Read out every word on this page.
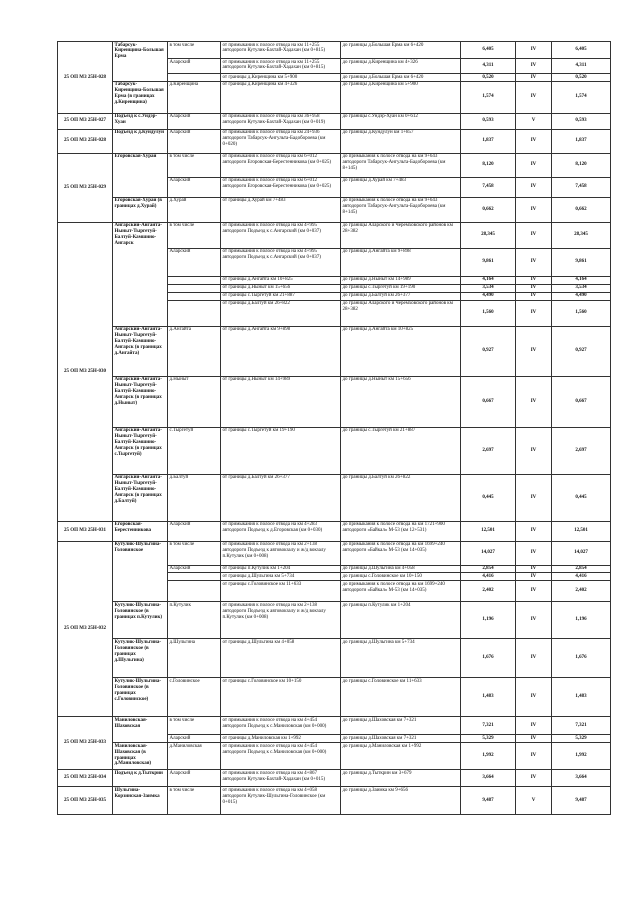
25 ОП МЗ 25Н-028	Табарсук-Киренщина-Большая Ерма	в том числе	от примыкания к полосе отвода на км 11+255 автодороги Кутулик-Бахтай-Хадахан (км 0+815)	до границы д.Большая Ерма км 6+420	6,405	IV	6,405
		Аларский	от примыкания к полосе отвода на км 11+255 автодороги Кутулик-Бахтай-Хадахан (км 0+815)	до границы д.Киренщина км 4+326	4,311	IV	4,311
			от границы д.Киренщина км 5+900	до границы д.Большая Ерма км 6+420	0,520	IV	0,520
	Табарсук-Киренщина-Большая Ерма (в границах д.Киренщина)	д.Киренщина	от границы д.Киренщина км 4+326	до границы д.Киренщина км 5+900	1,574	IV	1,574
25 ОП МЗ 25Н-027	Подъезд к с.Ундэр-Хуан	Аларский	от примыкания к полосе отвода на км 36+958 автодороги Кутулик-Бахтай-Хадахан (км 0+019)	до границы с.Ундэр-Хуан км 0+612	0,593	V	0,593
25 ОП МЗ 25Н-028	Подъезд к д.Кундулун	Аларский	от примыкания к полосе отвода на км 24+936 автодороги Табарсук-Ангульта-Бадобороева (км 0+020)	до границы д.Кундулун км 1+857	1,837	IV	1,837
25 ОП МЗ 25Н-029	Егоровская-Хурай	в том числе	от примыкания к полосе отвода на км 6+012 автодороги Егоровская-Берестенникова (км 0+025)	до примыкания к полосе отвода на км 9+643 автодороги Табарсук-Ангульта-Бадобороева (км 8+145)	8,120	IV	8,120
		Аларский	от примыкания к полосе отвода на км 6+012 автодороги Егоровская-Берестенникова (км 0+025)	до границы д.Хурай км 7+483	7,458	IV	7,458
	Егоровская-Хурай (в границах д.Хурай)	д.Хурай	от границы д.Хурай км 7+483	до примыкания к полосе отвода на км 9+643 автодороги Табарсук-Ангульта-Бадобороева (км 8+145)	0,662	IV	0,662
25 ОП МЗ 25Н-030	Ангарский-Ангайта-Ныныт-Тыргетуй-Балтуй-Камшино-Ангарск	в том числе	от примыкания к полосе отвода на км 4+995 автодороги Подъезд к с.Ангарский (км 0+037)	до границы Аларского и Черемховского районов км 28+382	28,345	IV	28,345
		Аларский	от примыкания к полосе отвода на км 4+995 автодороги Подъезд к с.Ангарский (км 0+037)	до границы д.Ангайта км 9+898	9,861	IV	9,861
			от границы д.Ангайта км 10+825	до границы д.Ныныт км 14+989	4,164	IV	4,164
			от границы д.Ныныт км 15+656	до границы с.Тыргетуй км 19+190	3,534	IV	3,534
			от границы с.Тыргетуй км 21+887	до границы д.Балтуй км 26+377	4,490	IV	4,490
			от границы д.Балтуй км 26+822	до границы Аларского и Черемховского районов км 28+382	1,560	IV	1,560
	Ангарский-Ангайта-Ныныт-Тыргетуй-Балтуй-Камшино-Ангарск (в границах д.Ангайта)	д.Ангайта	от границы д.Ангайта км 9+898	до границы д.Ангайта км 10+825	0,927	IV	0,927
	Ангарский-Ангайта-Ныныт-Тыргетуй-Балтуй-Камшино-Ангарск (в границах д.Ныныт)	д.Ныныт	от границы д.Ныныт км 14+989	до границы д.Ныныт км 15+656	0,667	IV	0,667
	Ангарский-Ангайта-Ныныт-Тыргетуй-Балтуй-Камшино-Ангарск (в границах с.Тыргетуй)	с.Тыргетуй	от границы с.Тыргетуй км 19+190	до границы с.Тыргетуй км 21+887	2,697	IV	2,697
	Ангарский-Ангайта-Ныныт-Тыргетуй-Балтуй-Камшино-Ангарск (в границах д.Балтуй)	д.Балтуй	от границы д.Балтуй км 26+377	до границы д.Балтуй км 26+822	0,445	IV	0,445
25 ОП МЗ 25Н-031	Егоровская-Берестенникова	Аларский	от примыкания к полосе отвода на км 4+283 автодороги Подъезд к д.Егоровская (км 0+030)	до примыкания к полосе отвода на км 1721+900 автодороги «Байкал» М-53 (км 12+531)	12,501	IV	12,501
25 ОП МЗ 25Н-032	Кутулик-Шульгина-Головинское	в том числе	от примыкания к полосе отвода на км 2+138 автодороги Подъезд к автовокзалу и ж/д вокзалу п.Кутулик (км 0+008)	до примыкания к полосе отвода на км 1699+240 автодороги «Байкал» М-53 (км 14+035)	14,027	IV	14,027
		Аларский	от границы п.Кутулик км 1+204	до границы д.Шульгина км 4+058	2,854	IV	2,854
			от границы д.Шульгина км 5+734	до границы с.Головинское км 10+150	4,416	IV	4,416
			от границы с.Головинское км 11+633	до примыкания к полосе отвода на км 1699+240 автодороги «Байкал» М-53 (км 14+035)	2,402	IV	2,402
	Кутулик-Шульгина-Головинское (в границах п.Кутулик)	п.Кутулик	от примыкания к полосе отвода на км 2+138 автодороги Подъезд к автовокзалу и ж/д вокзалу п.Кутулик (км 0+008)	до границы п.Кутулик км 1+204	1,196	IV	1,196
	Кутулик-Шульгина-Головинское (в границах д.Шульгина)	д.Шульгина	от границы д.Шульгина км 4+058	до границы д.Шульгина км 5+734	1,676	IV	1,676
	Кутулик-Шульгина-Головинское (в границах с.Головинское)	с.Головинское	от границы с.Головинское км 10+150	до границы с.Головинское км 11+633	1,483	IV	1,483
25 ОП МЗ 25Н-033	Маниловская-Шаховская	в том числе	от примыкания к полосе отвода на км 4+454 автодороги Подъезд к с.Маниловская (км 0+000)	до границы д.Шаховская км 7+321	7,321	IV	7,321
		Аларский	от границы д.Маниловская км 1+992	до границы д.Шаховская км 7+321	5,329	IV	5,329
	Маниловская-Шаховская (в границах д.Маниловская)	д.Маниловская	от примыкания к полосе отвода на км 4+454 автодороги Подъезд к с.Маниловская (км 0+000)	до границы д.Маниловская км 1+992	1,992	IV	1,992
25 ОП МЗ 25Н-034	Подъезд к д.Тыткрин	Аларский	от примыкания к полосе отвода на км 4+867 автодороги Кутулик-Бахтай-Хадахан (км 0+015)	до границы д.Тыткрин км 3+679	3,664	IV	3,664
25 ОП МЗ 25Н-035	Шульгина-Корзинская-Заимка	в том числе	от примыкания к полосе отвода на км 4+058 автодороги Кутулик-Шульгина-Головинское (км 0+015)	до границы д.Заимка км 9+656	9,487	V	9,487
